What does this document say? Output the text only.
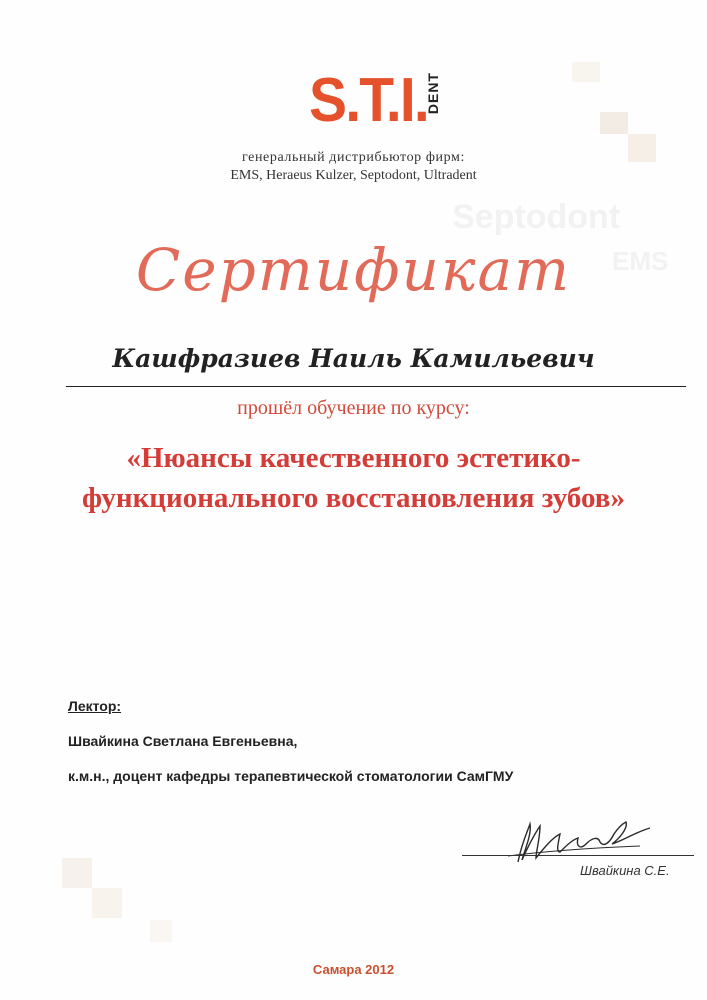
Septodont
EMS
S.T.I.
DENT
генеральный дистрибьютор фирм:
EMS, Heraeus Kulzer, Septodont, Ultradent
Сертификат
Кашфразиев Наиль Камильевич
прошёл обучение по курсу:
«Нюансы качественного эстетико-
функционального восстановления зубов»
Лектор:
Швайкина Светлана Евгеньевна,
к.м.н., доцент кафедры терапевтической стоматологии СамГМУ
Швайкина С.Е.
Самара 2012
